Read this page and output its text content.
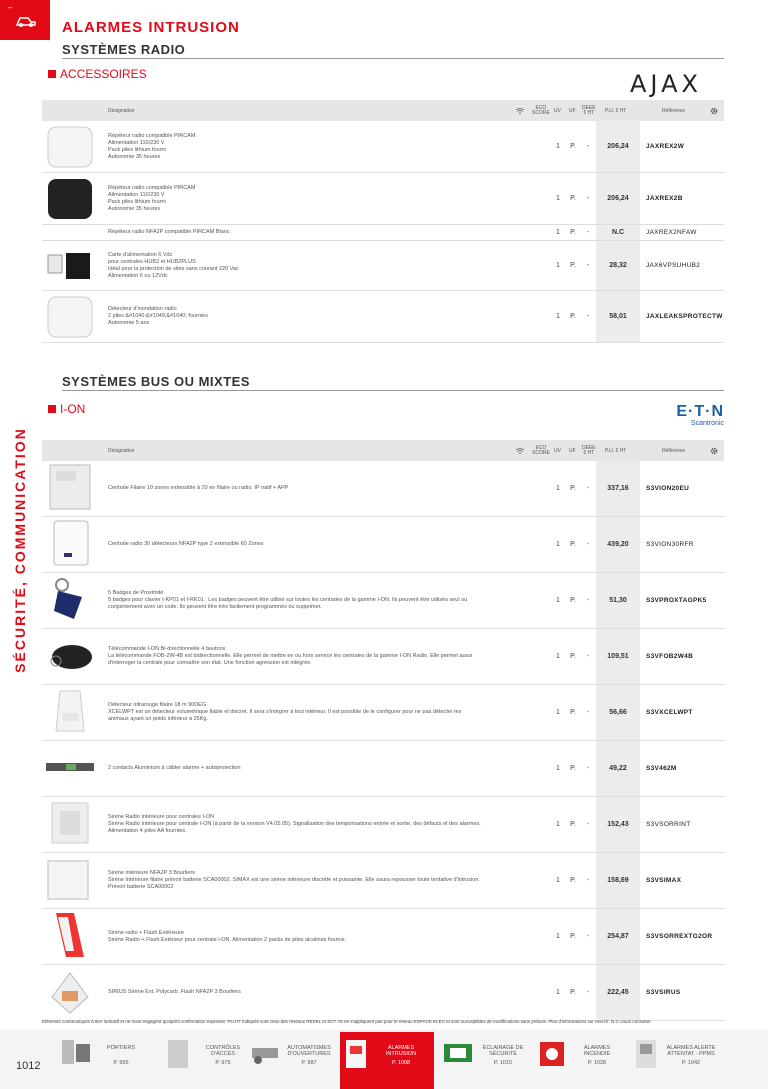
–
ALARMES INTRUSION
SYSTÈMES RADIO
SÉCURITÉ, COMMUNICATION
ACCESSOIRES	AJAX
Désignation	ECO
SCORE UV UF DEEE
€ HT P.U. € HT	Référence
Répéteur radio compatible PIRCAM
Alimentation 110/230 V
Pack piles lithium fourni
Autonomie 35 heures
1	P.	-	206,24	JAXREX2W
Répéteur radio compatible PIRCAM
Alimentation 110/230 V
Pack piles lithium fourni
Autonomie 35 heures
1	P.	-	206,24	JAXREX2B
Répéteur radio NFA2P compatible PIRCAM Blanc	1	P.	-	N.C	JAXREX2NFAW
Carte d'alimentation 6 Vdc
pour centrales HUB2 et HUB2PLUS
Idéal pour la protection de sites sans courant 220 Vac
Alimentation 6 ou 12Vdc
1	P.	-	28,32	JAX6VPSUHUB2
Détecteur d'inondation radio
2 piles &#1040;&#1040;&#1040; fournies
Autonomie 5 ans
1	P.	-	58,01	JAXLEAKSPROTECTW
SYSTÈMES BUS OU MIXTES
I-ON	E·T·N
Scantronic
Désignation	ECO
SCORE UV UF DEEE
€ HT P.U. € HT	Référence
Centrale Filaire 10 zones extensible à 20 en filaire ou radio. IP natif + APP	1	P.	-	337,16	S3VION20EU
Centrale radio 30 détecteurs NFA2P type 2 extensible 60 Zones	1	P.	-	439,20	S3VION30RFR
5 Badges de Proximité
5 badges pour clavier I-KP01 et I-RK01 : Les badges peuvent être utilisé sur toutes les centrales de la gamme I-ON. Ils peuvent être utilisés seul ou
conjointement avec un code. Ils peuvent être très facilement programmés ou supprimer.
1	P.	-	51,30	S3VPROXTAGPK5
Télécommande I-ON Bi-directionnelle 4 boutons
La télécommande FOB-2W-4B est bidirectionnelle. Elle permet de mettre en ou hors service les centrales de la gamme I-ON Radio. Elle permet aussi
d'interroger la centrale pour connaître son état. Une fonction agression est intégrée.
1	P.	-	109,51	S3VFOB2W4B
Détecteur infrarouge filaire 18 m 90DEG
XCELWPT est un détecteur volumétrique fiable et discret. Il sera s'intégrer à tout intérieur. Il est possible de le configurer pour ne pas détecter les
animaux ayant un poids inférieur à 25Kg.
1	P.	-	56,66	S3VXCELWPT
2 contacts Aluminium à câbler alarme + autoprotection	1	P.	-	49,22	S3V462M
Sirène Radio Intérieure pour centrales I-ON
Sirène Radio Intérieure pour centrale I-ON (à partir de la version V4.05.05). Signalisation des temporisations entrée et sortie, des défauts et des alarmes.
Alimentation 4 piles AA fournies.
1	P.	-	152,43	S3VSORRINT
Sirène intérieure NFA2P 3 Bourliers
Sirène Intérieure filaire prévoir batterie SCA00002. SIMAX est une sirène intérieure discrète et puissante. Elle saura repousser toute tentative d'intrusion.
Prévoir batterie SCA00002
1	P.	-	158,69	S3VSIMAX
Sirène radio + Flash Extérieure
Sirène Radio + Flash Extérieur pour centrale i-ON. Alimentation 2 packs de piles alcalines fournis.	1	P.	-	254,87	S3VSORREXTG2OR
SIRIUS Sirène Ext. Polycarb. Flash NFA2P 3 Bourliers	1	P.	-	222,45	S3VSIRUS
Éléments communiqués à titre indicatif et ne nous engagent qu'après confirmation expresse. PU.HT indiqués sont ceux des réseaux REXEL et SCT. Ils ne s'appliquent pas pour le réseau ESPACE ELEC et sont susceptibles de modifications sans préavis. Plus d'informations sur rexel.fr. N.C=nous consulter.
1012
PORTIERS
P. 955
CONTRÔLES D'ACCÈS
P. 975
AUTOMATISMES D'OUVERTURES
P. 987
ALARMES INTRUSION
P. 1008
ÉCLAIRAGE DE SÉCURITÉ
P. 1015
ALARMES INCENDIE
P. 1028
ALARMES ALERTE ATTENTAT - PPMS
P. 1042
